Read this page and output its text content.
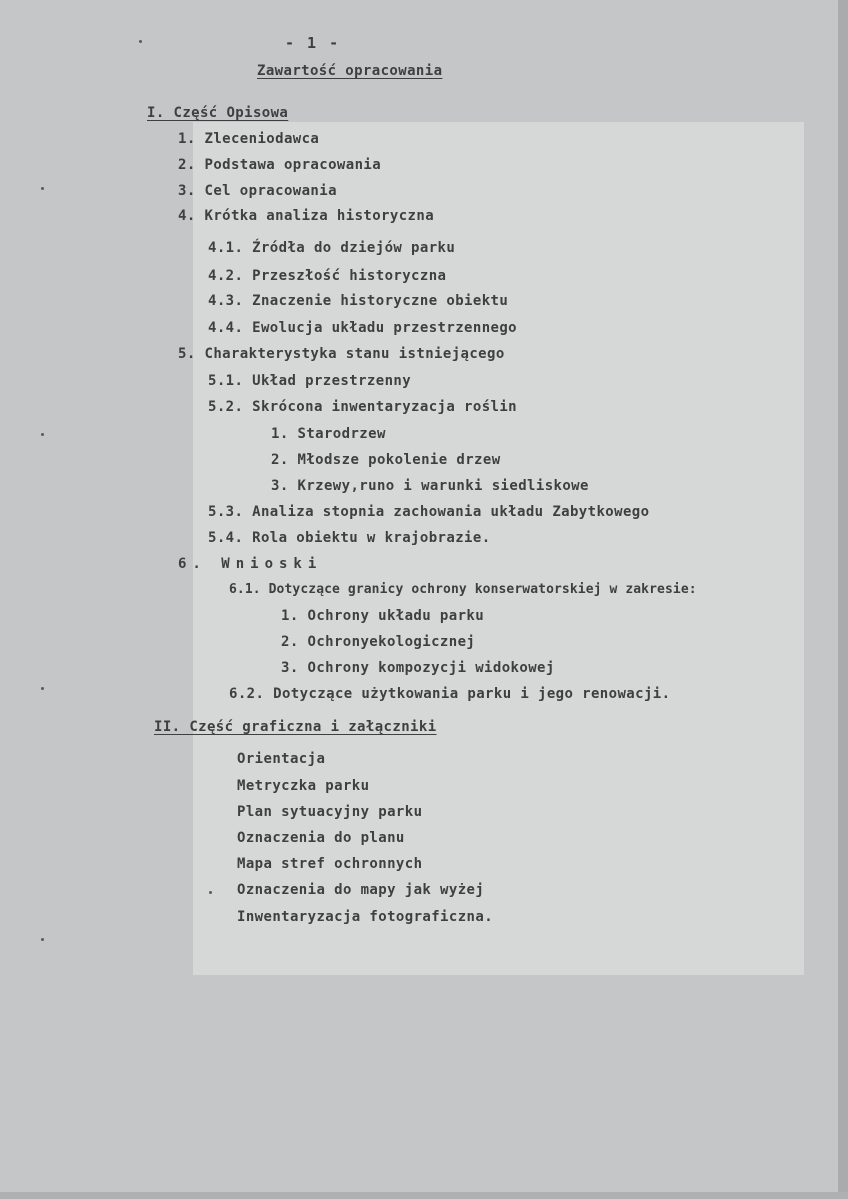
- 1 -
Zawartość opracowania
I. Część Opisowa
1. Zleceniodawca
2. Podstawa opracowania
3. Cel opracowania
4. Krótka analiza historyczna
4.1. Źródła do dziejów parku
4.2. Przeszłość historyczna
4.3. Znaczenie historyczne obiektu
4.4. Ewolucja układu przestrzennego
5. Charakterystyka stanu istniejącego
5.1. Układ przestrzenny
5.2. Skrócona inwentaryzacja roślin
1. Starodrzew
2. Młodsze pokolenie drzew
3. Krzewy,runo i warunki siedliskowe
5.3. Analiza stopnia zachowania układu Zabytkowego
5.4. Rola obiektu w krajobrazie.
6. Wnioski
6.1. Dotyczące granicy ochrony konserwatorskiej w zakresie:
1. Ochrony układu parku
2. Ochronyekologicznej
3. Ochrony kompozycji widokowej
6.2. Dotyczące użytkowania parku i jego renowacji.
II. Część graficzna i załączniki
Orientacja
Metryczka parku
Plan sytuacyjny parku
Oznaczenia do planu
Mapa stref ochronnych
Oznaczenia do mapy jak wyżej
Inwentaryzacja fotograficzna.
